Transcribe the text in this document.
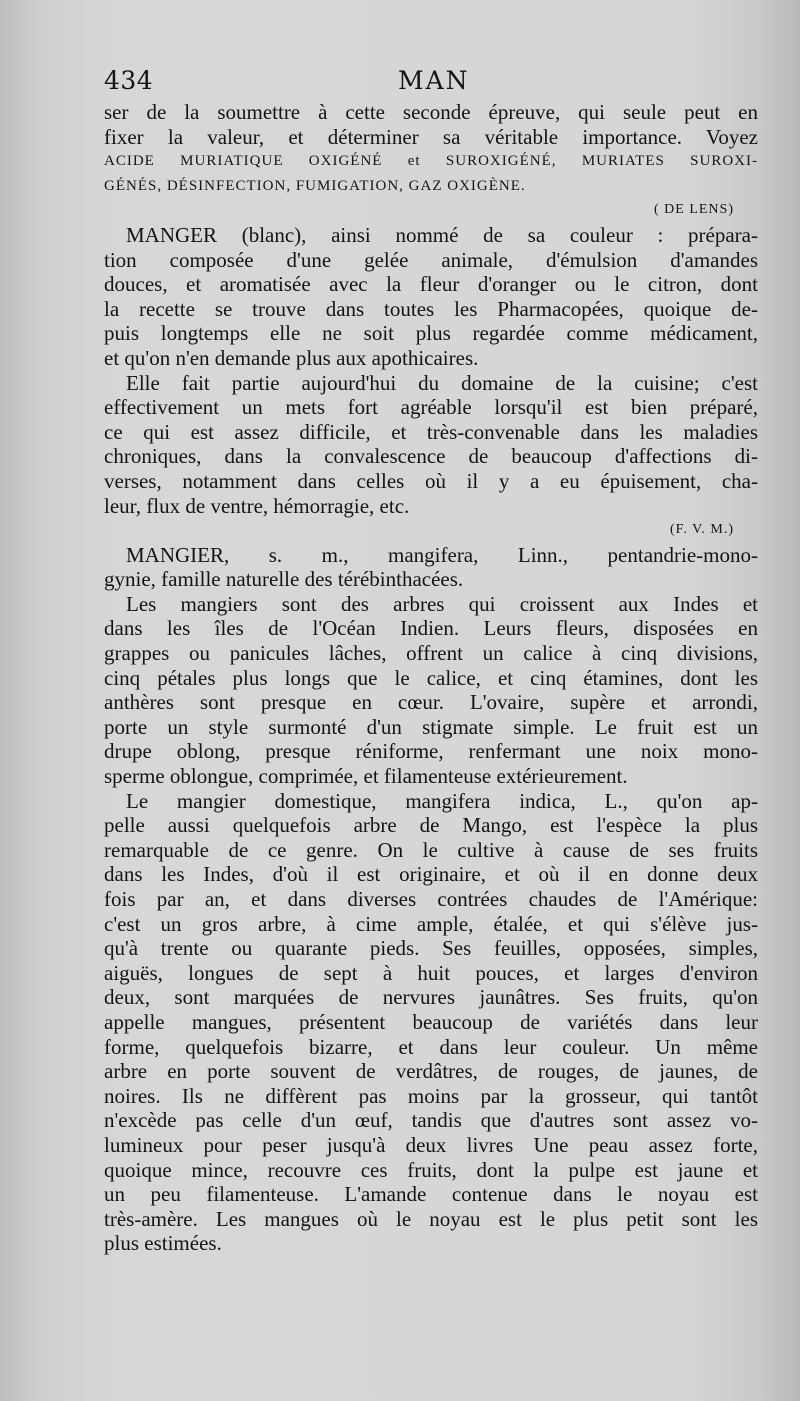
434	MAN
ser de la soumettre à cette seconde épreuve, qui seule peut en
fixer la valeur, et déterminer sa véritable importance. Voyez
ACIDE MURIATIQUE OXIGÉNÉ et SUROXIGÉNÉ, MURIATES SUROXI-
GÉNÉS, DÉSINFECTION, FUMIGATION, GAZ OXIGÈNE.
( DE LENS)
MANGER (blanc), ainsi nommé de sa couleur : prépara-
tion composée d'une gelée animale, d'émulsion d'amandes
douces, et aromatisée avec la fleur d'oranger ou le citron, dont
la recette se trouve dans toutes les Pharmacopées, quoique de-
puis longtemps elle ne soit plus regardée comme médicament,
et qu'on n'en demande plus aux apothicaires.
Elle fait partie aujourd'hui du domaine de la cuisine; c'est
effectivement un mets fort agréable lorsqu'il est bien préparé,
ce qui est assez difficile, et très-convenable dans les maladies
chroniques, dans la convalescence de beaucoup d'affections di-
verses, notamment dans celles où il y a eu épuisement, cha-
leur, flux de ventre, hémorragie, etc.
(F. V. M.)
MANGIER, s. m., mangifera, Linn., pentandrie-mono-
gynie, famille naturelle des térébinthacées.
Les mangiers sont des arbres qui croissent aux Indes et
dans les îles de l'Océan Indien. Leurs fleurs, disposées en
grappes ou panicules lâches, offrent un calice à cinq divisions,
cinq pétales plus longs que le calice, et cinq étamines, dont les
anthères sont presque en cœur. L'ovaire, supère et arrondi,
porte un style surmonté d'un stigmate simple. Le fruit est un
drupe oblong, presque réniforme, renfermant une noix mono-
sperme oblongue, comprimée, et filamenteuse extérieurement.
Le mangier domestique, mangifera indica, L., qu'on ap-
pelle aussi quelquefois arbre de Mango, est l'espèce la plus
remarquable de ce genre. On le cultive à cause de ses fruits
dans les Indes, d'où il est originaire, et où il en donne deux
fois par an, et dans diverses contrées chaudes de l'Amérique:
c'est un gros arbre, à cime ample, étalée, et qui s'élève jus-
qu'à trente ou quarante pieds. Ses feuilles, opposées, simples,
aiguës, longues de sept à huit pouces, et larges d'environ
deux, sont marquées de nervures jaunâtres. Ses fruits, qu'on
appelle mangues, présentent beaucoup de variétés dans leur
forme, quelquefois bizarre, et dans leur couleur. Un même
arbre en porte souvent de verdâtres, de rouges, de jaunes, de
noires. Ils ne diffèrent pas moins par la grosseur, qui tantôt
n'excède pas celle d'un œuf, tandis que d'autres sont assez vo-
lumineux pour peser jusqu'à deux livres Une peau assez forte,
quoique mince, recouvre ces fruits, dont la pulpe est jaune et
un peu filamenteuse. L'amande contenue dans le noyau est
très-amère. Les mangues où le noyau est le plus petit sont les
plus estimées.
